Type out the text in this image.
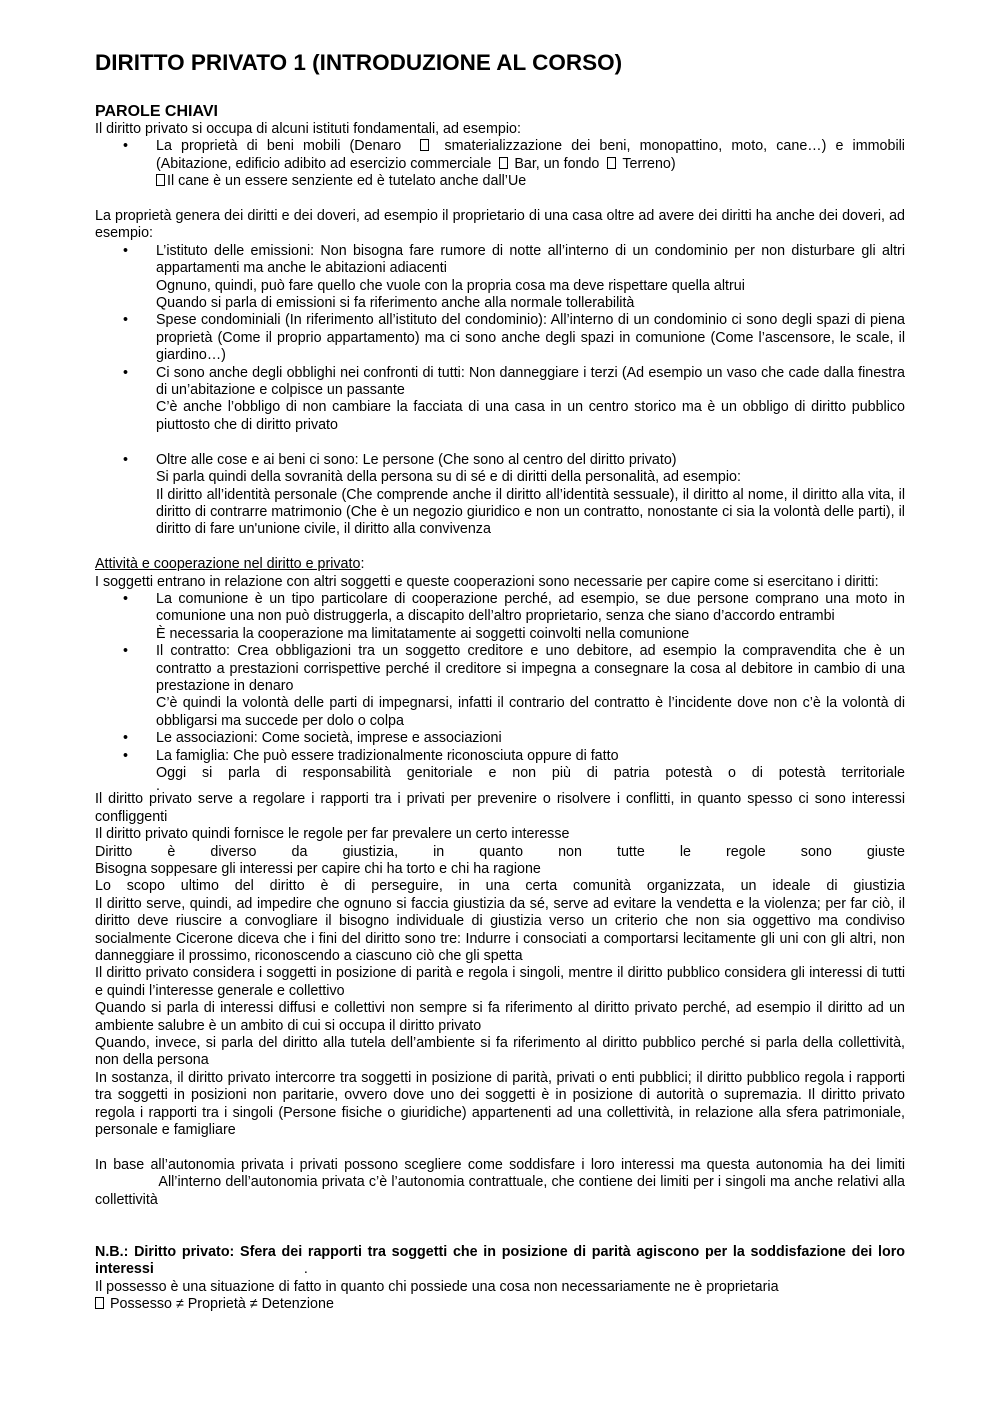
DIRITTO PRIVATO 1 (INTRODUZIONE AL CORSO)
PAROLE CHIAVI

Il diritto privato si occupa di alcuni istituti fondamentali, ad esempio:

• La proprietà di beni mobili (Denaro	smaterializzazione dei beni, monopattino, moto, cane…) e immobili (Abitazione, edificio adibito ad esercizio commerciale Bar, un fondo Terreno)

Il cane è un essere senziente ed è tutelato anche dall’Ue

La proprietà genera dei diritti e dei doveri, ad esempio il proprietario di una casa oltre ad avere dei diritti ha anche dei doveri, ad esempio:

• L’istituto delle emissioni: Non bisogna fare rumore di notte all’interno di un condominio per non disturbare gli altri appartamenti ma anche le abitazioni adiacenti

Ognuno, quindi, può fare quello che vuole con la propria cosa ma deve rispettare quella altrui

Quando si parla di emissioni si fa riferimento anche alla normale tollerabilità

• Spese condominiali (In riferimento all’istituto del condominio): All’interno di un condominio ci sono degli spazi di piena proprietà (Come il proprio appartamento) ma ci sono anche degli spazi in comunione (Come l’ascensore, le scale, il giardino…)
• Ci sono anche degli obblighi nei confronti di tutti: Non danneggiare i terzi (Ad esempio un vaso che cade dalla finestra di un’abitazione e colpisce un passante

C’è anche l’obbligo di non cambiare la facciata di una casa in un centro storico ma è un obbligo di diritto pubblico piuttosto che di diritto privato

• Oltre alle cose e ai beni ci sono: Le persone (Che sono al centro del diritto privato)

Si parla quindi della sovranità della persona su di sé e di diritti della personalità, ad esempio:

Il diritto all’identità personale (Che comprende anche il diritto all’identità sessuale), il diritto al nome, il diritto alla vita, il diritto di contrarre matrimonio (Che è un negozio giuridico e non un contratto, nonostante ci sia la volontà delle parti), il diritto di fare un'unione civile, il diritto alla convivenza

Attività e cooperazione nel diritto e privato:

I soggetti entrano in relazione con altri soggetti e queste cooperazioni sono necessarie per capire come si esercitano i diritti:

• La comunione è un tipo particolare di cooperazione perché, ad esempio, se due persone comprano una moto in comunione una non può distruggerla, a discapito dell’altro proprietario, senza che siano d’accordo entrambi

È necessaria la cooperazione ma limitatamente ai soggetti coinvolti nella comunione

• Il contratto: Crea obbligazioni tra un soggetto creditore e uno debitore, ad esempio la compravendita che è un contratto a prestazioni corrispettive perché il creditore si impegna a consegnare la cosa al debitore in cambio di una prestazione in denaro

C’è quindi la volontà delle parti di impegnarsi, infatti il contrario del contratto è l’incidente dove non c’è la volontà di obbligarsi ma succede per dolo o colpa

• Le associazioni: Come società, imprese e associazioni
• La famiglia: Che può essere tradizionalmente riconosciuta oppure di fatto

Oggi si parla di responsabilità genitoriale e non più di patria potestà o di potestà territoriale

.

Il diritto privato serve a regolare i rapporti tra i privati per prevenire o risolvere i conflitti, in quanto spesso ci sono interessi confliggenti

Il diritto privato quindi fornisce le regole per far prevalere un certo interesse

Diritto è diverso da giustizia, in quanto non tutte le regole sono giuste

Bisogna soppesare gli interessi per capire chi ha torto e chi ha ragione

Lo scopo ultimo del diritto è di perseguire, in una certa comunità organizzata, un ideale di giustizia

Il diritto serve, quindi, ad impedire che ognuno si faccia giustizia da sé, serve ad evitare la vendetta e la violenza; per far ciò, il diritto deve riuscire a convogliare il bisogno individuale di giustizia verso un criterio che non sia oggettivo ma condiviso socialmente Cicerone diceva che i fini del diritto sono tre: Indurre i consociati a comportarsi lecitamente gli uni con gli altri, non danneggiare il prossimo, riconoscendo a ciascuno ciò che gli spetta

Il diritto privato considera i soggetti in posizione di parità e regola i singoli, mentre il diritto pubblico considera gli interessi di tutti e quindi l’interesse generale e collettivo

Quando si parla di interessi diffusi e collettivi non sempre si fa riferimento al diritto privato perché, ad esempio il diritto ad un ambiente salubre è un ambito di cui si occupa il diritto privato

Quando, invece, si parla del diritto alla tutela dell’ambiente si fa riferimento al diritto pubblico perché si parla della collettività, non della persona

In sostanza, il diritto privato intercorre tra soggetti in posizione di parità, privati o enti pubblici; il diritto pubblico regola i rapporti tra soggetti in posizioni non paritarie, ovvero dove uno dei soggetti è in posizione di autorità o supremazia. Il diritto privato regola i rapporti tra i singoli (Persone fisiche o giuridiche) appartenenti ad una collettività, in relazione alla sfera patrimoniale, personale e famigliare

In base all’autonomia privata i privati possono scegliere come soddisfare i loro interessi ma questa autonomia ha dei limiti All’interno dell’autonomia privata c’è l’autonomia contrattuale, che contiene dei limiti per i singoli ma anche relativi alla collettività

N.B.: Diritto privato: Sfera dei rapporti tra soggetti che in posizione di parità agiscono per la soddisfazione dei loro interessi	.

Il possesso è una situazione di fatto in quanto chi possiede una cosa non necessariamente ne è proprietaria

Possesso ≠ Proprietà ≠ Detenzione
